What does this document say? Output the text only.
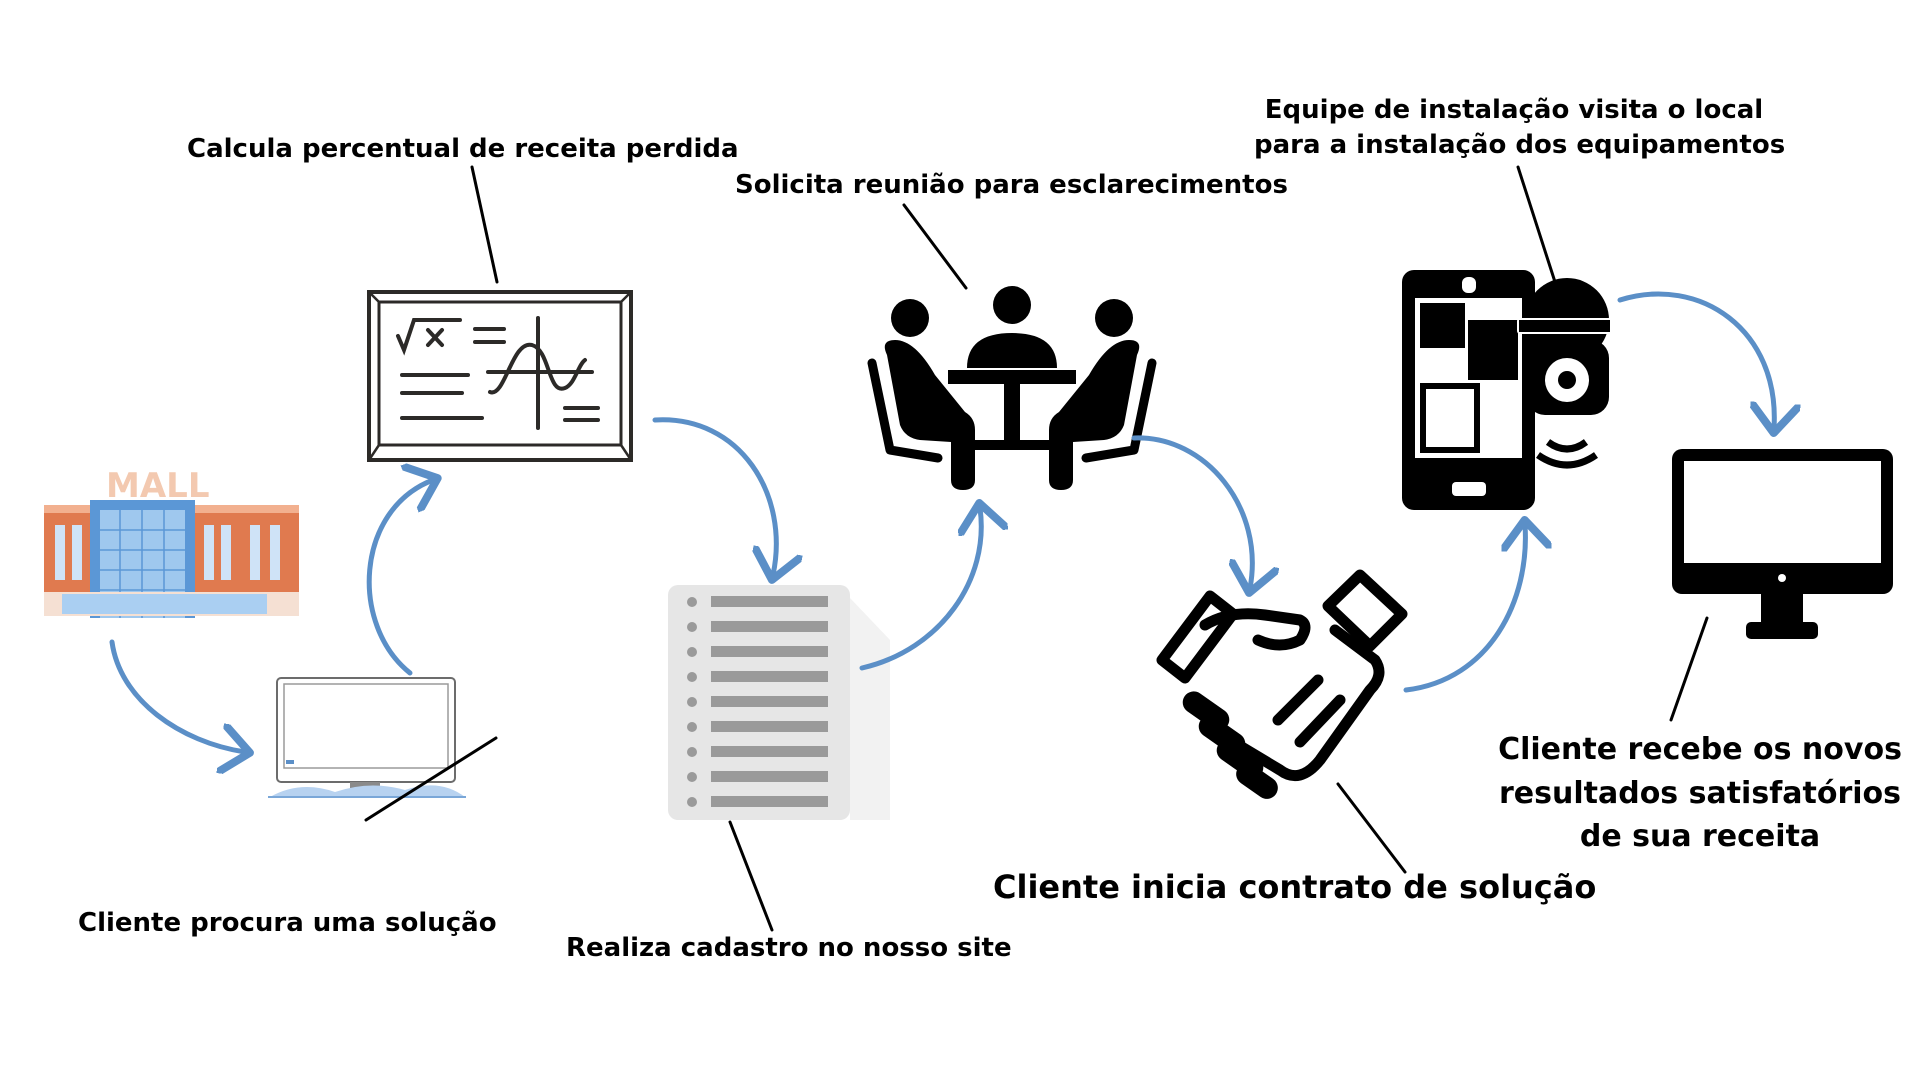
MALL
Calcula percentual de receita perdida
Cliente procura uma solução
Realiza cadastro no nosso site
Solicita reunião para esclarecimentos
Cliente inicia contrato de solução
Equipe de instalação visita o local
para a instalação dos equipamentos
Cliente recebe os novos
resultados satisfatórios
de sua receita
